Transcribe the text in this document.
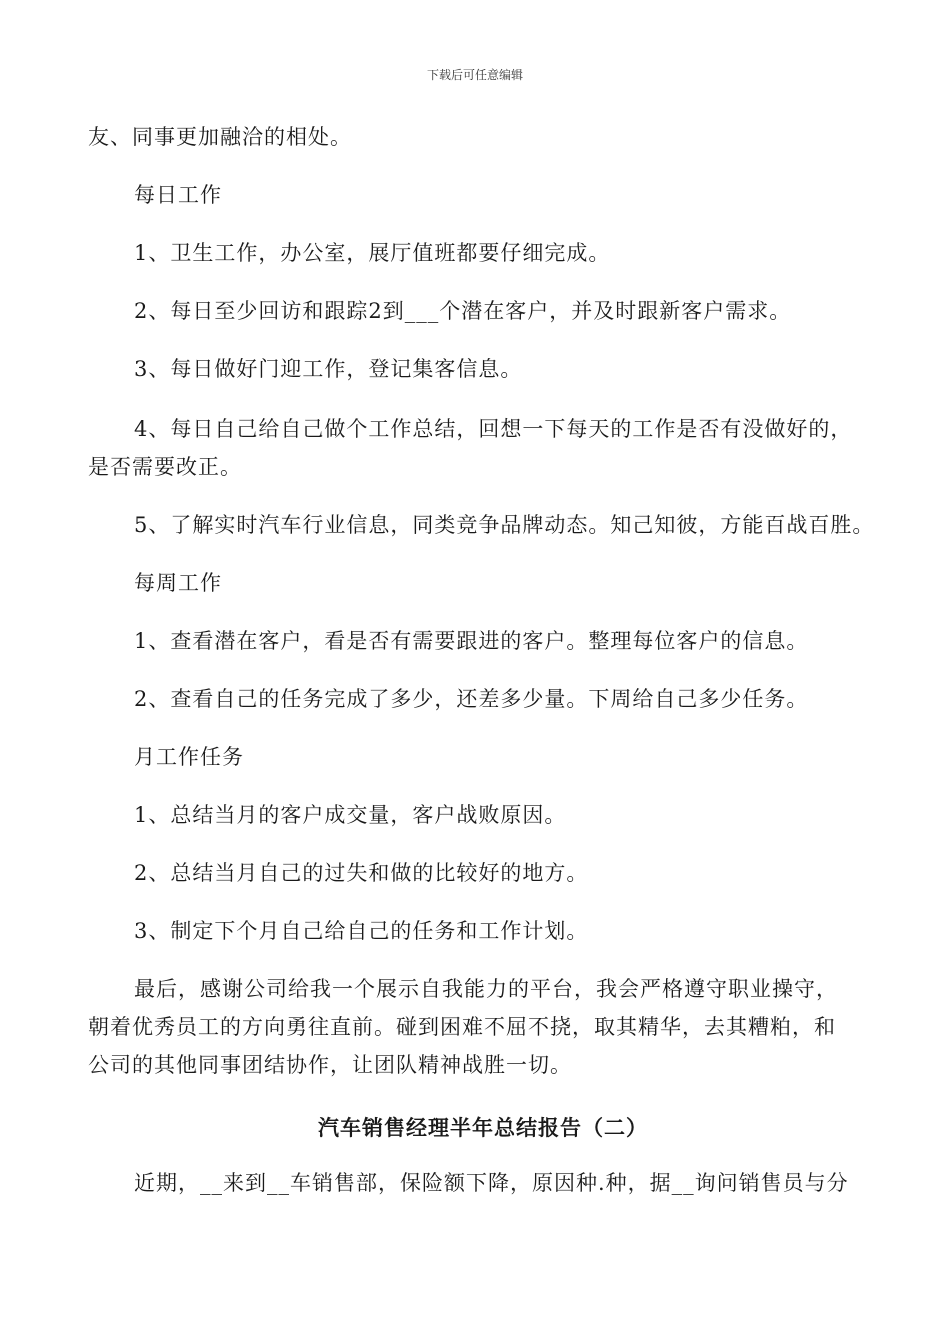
下载后可任意编辑
友、同事更加融洽的相处。
每日工作
1、卫生工作，办公室，展厅值班都要仔细完成。
2、每日至少回访和跟踪2到___个潜在客户，并及时跟新客户需求。
3、每日做好门迎工作，登记集客信息。
4、每日自己给自己做个工作总结，回想一下每天的工作是否有没做好的，
是否需要改正。
5、了解实时汽车行业信息，同类竞争品牌动态。知己知彼，方能百战百胜。
每周工作
1、查看潜在客户，看是否有需要跟进的客户。整理每位客户的信息。
2、查看自己的任务完成了多少，还差多少量。下周给自己多少任务。
月工作任务
1、总结当月的客户成交量，客户战败原因。
2、总结当月自己的过失和做的比较好的地方。
3、制定下个月自己给自己的任务和工作计划。
最后，感谢公司给我一个展示自我能力的平台，我会严格遵守职业操守，
朝着优秀员工的方向勇往直前。碰到困难不屈不挠，取其精华，去其糟粕，和
公司的其他同事团结协作，让团队精神战胜一切。
汽车销售经理半年总结报告（二）
近期，__来到__车销售部，保险额下降，原因种.种，据__询问销售员与分
